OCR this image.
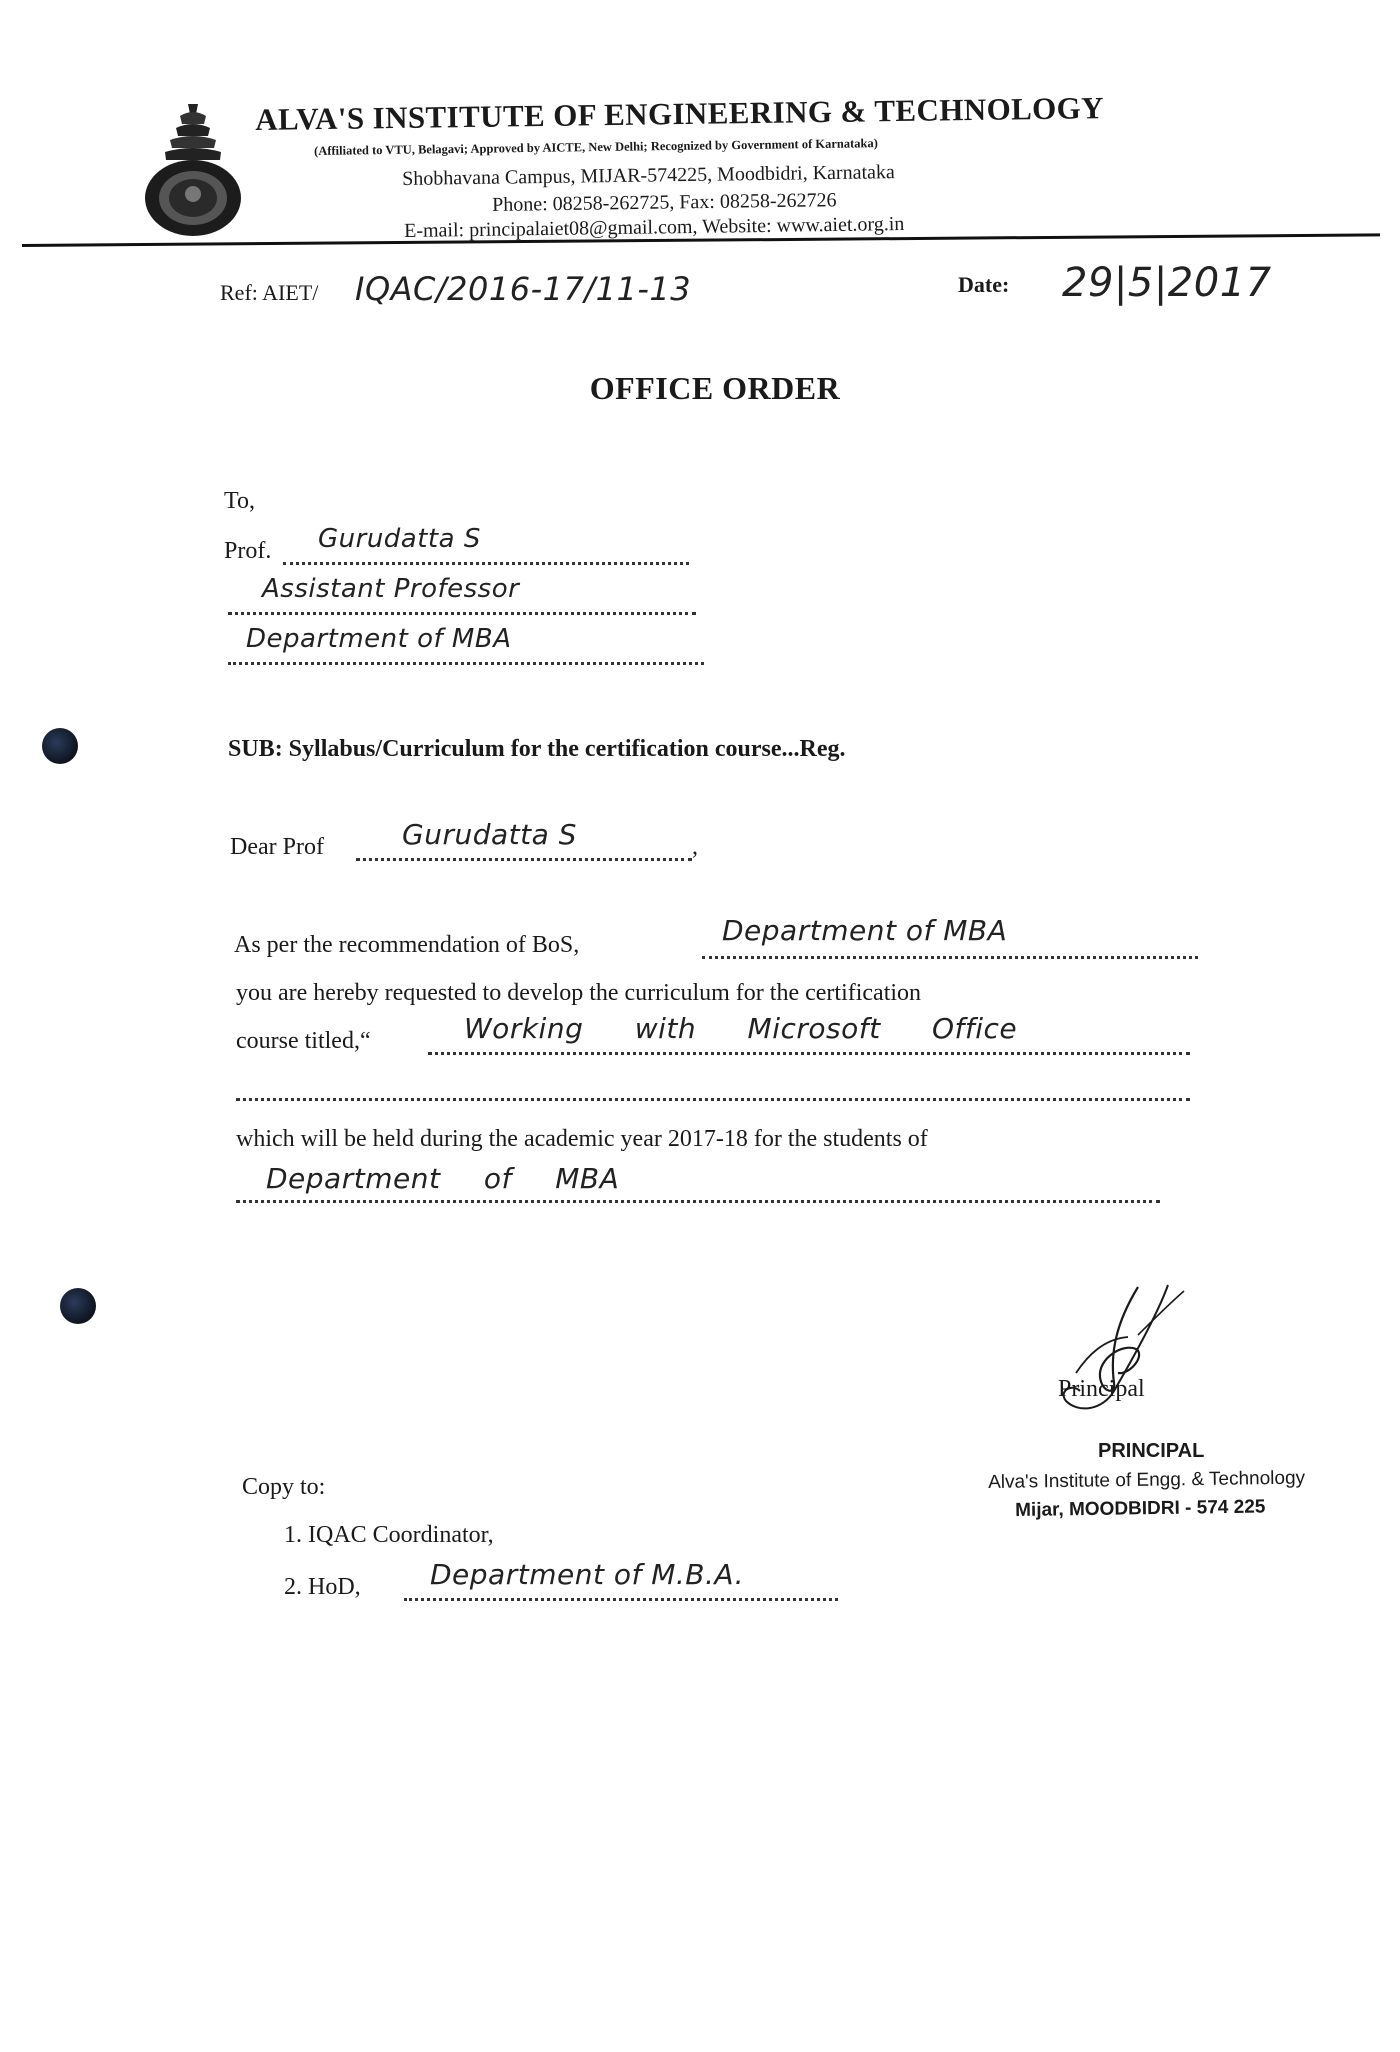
ALVA'S INSTITUTE OF ENGINEERING & TECHNOLOGY
(Affiliated to VTU, Belagavi; Approved by AICTE, New Delhi; Recognized by Government of Karnataka)
Shobhavana Campus, MIJAR-574225, Moodbidri, Karnataka
Phone: 08258-262725, Fax: 08258-262726
E-mail: principalaiet08@gmail.com, Website: www.aiet.org.in
Ref: AIET/ IQAC/2016-17/11-13	Date: 29|5|2017
OFFICE ORDER
To,
Prof. Gurudatta S
Assistant Professor
Department of MBA
SUB: Syllabus/Curriculum for the certification course...Reg.
Dear Prof	Gurudatta S	,
As per the recommendation of BoS,	Department of MBA
you are hereby requested to develop the curriculum for the certification
course titled,“	Working with Microsoft Office
which will be held during the academic year 2017-18 for the students of
Department of MBA
Principal
PRINCIPAL
Alva's Institute of Engg. & Technology
Mijar, MOODBIDRI - 574 225
Copy to:
1. IQAC Coordinator,
2. HoD, Department of M.B.A.
